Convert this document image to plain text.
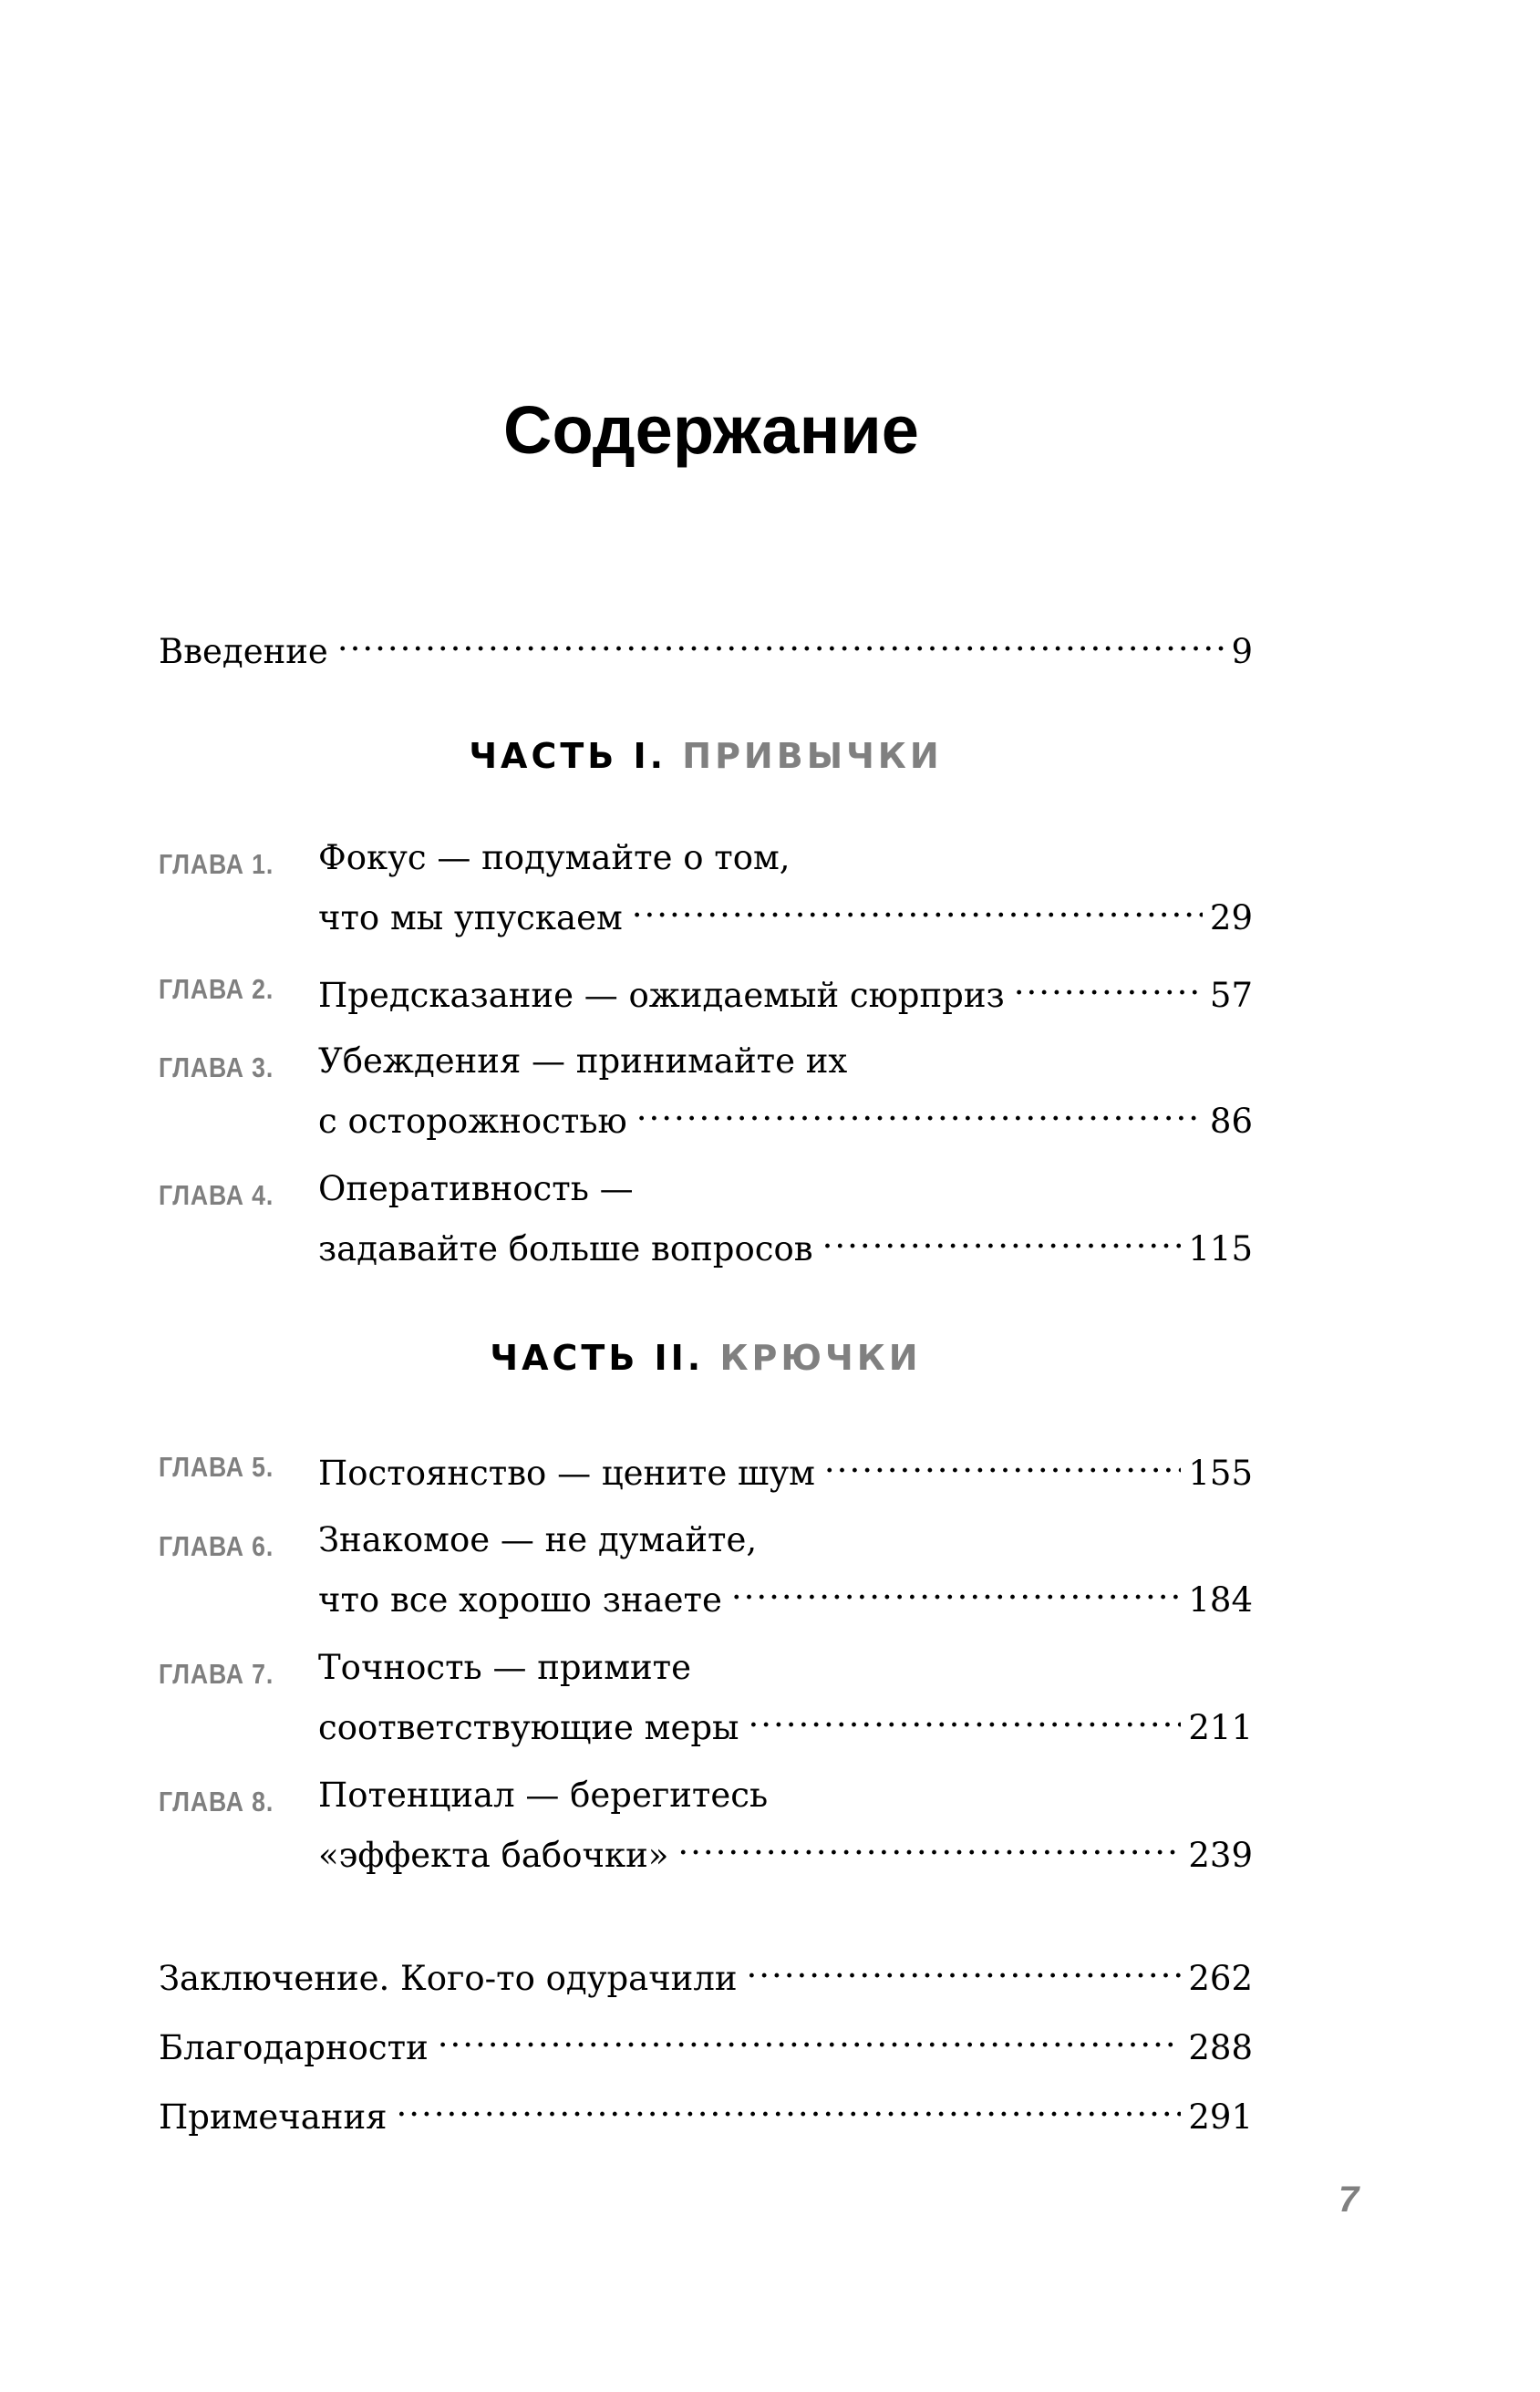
Содержание
Введение .....	9
ЧАСТЬ I. ПРИВЫЧКИ
ГЛАВА 1. Фокус — подумайте о том,
что мы упускаем .....	29
ГЛАВА 2. Предсказание — ожидаемый сюрприз .....	57
ГЛАВА 3. Убеждения — принимайте их
с осторожностью .....	86
ГЛАВА 4. Оперативность —
задавайте больше вопросов .....	115
ЧАСТЬ II. КРЮЧКИ
ГЛАВА 5. Постоянство — цените шум .....	155
ГЛАВА 6. Знакомое — не думайте,
что все хорошо знаете .....	184
ГЛАВА 7. Точность — примите
соответствующие меры .....	211
ГЛАВА 8. Потенциал — берегитесь
«эффекта бабочки» .....	239
Заключение. Кого-то одурачили .....	262
Благодарности .....	288
Примечания .....	291
7
